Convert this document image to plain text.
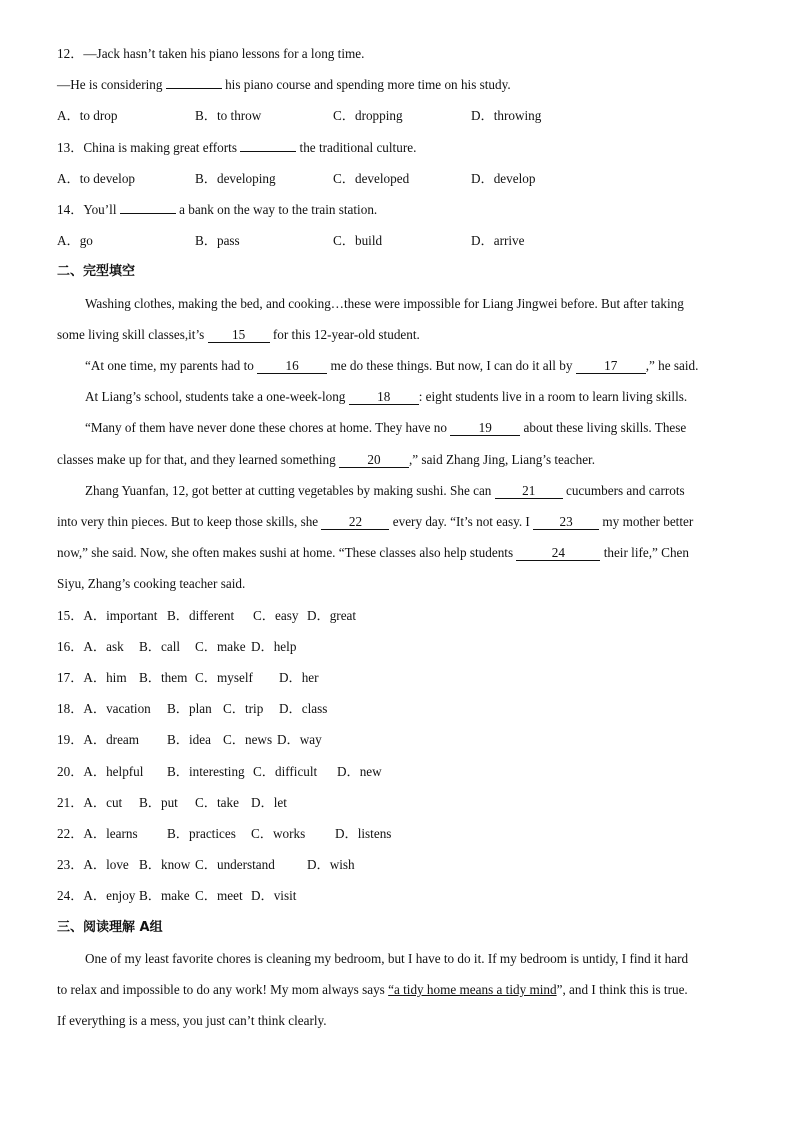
12．—Jack hasn’t taken his piano lessons for a long time.
—He is considering	his piano course and spending more time on his study.
A．to drop	B．to throw	C．dropping	D．throwing
13．China is making great efforts	the traditional culture.
A．to develop	B．developing	C．developed	D．develop
14．You’ll	a bank on the way to the train station.
A．go	B．pass	C．build	D．arrive
二、完型填空
Washing clothes, making the bed, and cooking…these were impossible for Liang Jingwei before. But after taking
some living skill classes,it’s 15 for this 12-year-old student.
“At one time, my parents had to 16 me do these things. But now, I can do it all by 17 ,” he said.
At Liang’s school, students take a one-week-long 18 : eight students live in a room to learn living skills.
“Many of them have never done these chores at home. They have no 19 about these living skills. These
classes make up for that, and they learned something 20 ,” said Zhang Jing, Liang’s teacher.
Zhang Yuanfan, 12, got better at cutting vegetables by making sushi. She can 21 cucumbers and carrots
into very thin pieces. But to keep those skills, she 22 every day. “It’s not easy. I 23 my mother better
now,” she said. Now, she often makes sushi at home. “These classes also help students	24	their life,” Chen
Siyu, Zhang’s cooking teacher said.
15．A．important B．different C．easy D．great
16．A．ask B．call C．make D．help
17．A．him B．them C．myself D．her
18．A．vacation B．plan C．trip D．class
19．A．dream B．idea C．news D．way
20．A．helpful B．interesting C．difficult D．new
21．A．cut B．put C．take D．let
22．A．learns B．practices C．works D．listens
23．A．love B．know C．understand D．wish
24．A．enjoy B．make C．meet D．visit
三、阅读理解 A组
One of my least favorite chores is cleaning my bedroom, but I have to do it. If my bedroom is untidy, I find it hard
to relax and impossible to do any work! My mom always says “a tidy home means a tidy mind”, and I think this is true.
If everything is a mess, you just can’t think clearly.
